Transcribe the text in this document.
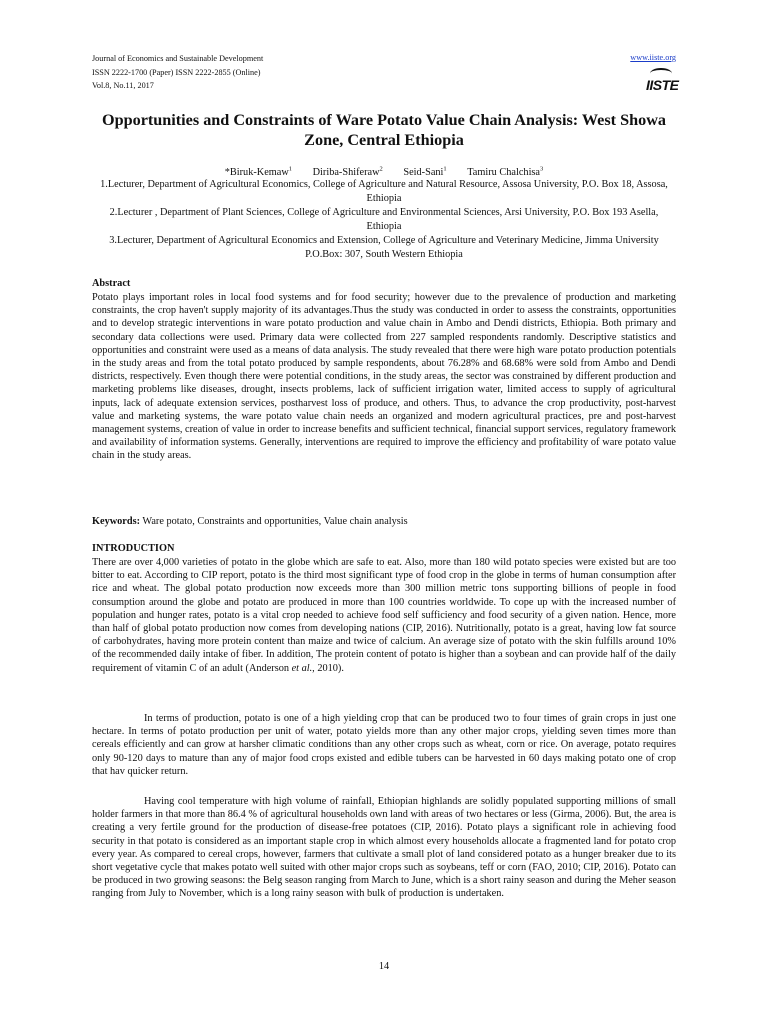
Journal of Economics and Sustainable Development
ISSN 2222-1700 (Paper) ISSN 2222-2855 (Online)
Vol.8, No.11, 2017
www.iiste.org
IISTE
Opportunities and Constraints of Ware Potato Value Chain Analysis: West Showa Zone, Central Ethiopia
*Biruk-Kemaw$^1$ Diriba-Shiferaw$^2$ Seid-Sani$^1$ Tamiru Chalchisa$^3$
1.Lecturer, Department of Agricultural Economics, College of Agriculture and Natural Resource, Assosa University, P.O. Box 18, Assosa, Ethiopia
2.Lecturer , Department of Plant Sciences, College of Agriculture and Environmental Sciences, Arsi University, P.O. Box 193 Asella, Ethiopia
3.Lecturer, Department of Agricultural Economics and Extension, College of Agriculture and Veterinary Medicine, Jimma University P.O.Box: 307, South Western Ethiopia
Abstract
Potato plays important roles in local food systems and for food security; however due to the prevalence of production and marketing constraints, the crop haven't supply majority of its advantages.Thus the study was conducted in order to assess the constraints, opportunities and to develop strategic interventions in ware potato production and value chain in Ambo and Dendi districts, Ethiopia. Both primary and secondary data collections were used. Primary data were collected from 227 sampled respondents randomly. Descriptive statistics and opportunities and constraint were used as a means of data analysis. The study revealed that there were high ware potato production potentials in the study areas and from the total potato produced by sample respondents, about 76.28% and 68.68% were sold from Ambo and Dendi districts, respectively. Even though there were potential conditions, in the study areas, the sector was constrained by different production and marketing problems like diseases, drought, insects problems, lack of sufficient irrigation water, limited access to supply of agricultural inputs, lack of adequate extension services, postharvest loss of produce, and others. Thus, to advance the crop productivity, post-harvest value and marketing systems, the ware potato value chain needs an organized and modern agricultural practices, pre and post-harvest management systems, creation of value in order to increase benefits and sufficient technical, financial support services, regulatory framework and availability of information systems. Generally, interventions are required to improve the efficiency and profitability of ware potato value chain in the study areas.
Keywords: Ware potato, Constraints and opportunities, Value chain analysis
INTRODUCTION
There are over 4,000 varieties of potato in the globe which are safe to eat. Also, more than 180 wild potato species were existed but are too bitter to eat. According to CIP report, potato is the third most significant type of food crop in the globe in terms of human consumption after rice and wheat. The global potato production now exceeds more than 300 million metric tons supporting billions of people in food consumption around the globe and potato are produced in more than 100 countries worldwide. To cope up with the increased number of population and hunger rates, potato is a vital crop needed to achieve food self sufficiency and food security of a given nation. Hence, more than half of global potato production now comes from developing nations (CIP, 2016). Nutritionally, potato is a great, having low fat source of carbohydrates, having more protein content than maize and twice of calcium. An average size of potato with the skin fulfills around 10% of the recommended daily intake of fiber. In addition, The protein content of potato is higher than a soybean and can provide half of the daily requirement of vitamin C of an adult (Anderson et al., 2010).
In terms of production, potato is one of a high yielding crop that can be produced two to four times of grain crops in just one hectare. In terms of potato production per unit of water, potato yields more than any other major crops, yielding seven times more than cereals efficiently and can grow at harsher climatic conditions than any other crops such as wheat, corn or rice. On average, potato requires only 90-120 days to mature than any of major food crops existed and edible tubers can be harvested in 60 days making potato one of crop that hav quicker return.
Having cool temperature with high volume of rainfall, Ethiopian highlands are solidly populated supporting millions of small holder farmers in that more than 86.4 % of agricultural households own land with areas of two hectares or less (Girma, 2006). But, the area is creating a very fertile ground for the production of disease-free potatoes (CIP, 2016). Potato plays a significant role in achieving food security in that potato is considered as an important staple crop in which almost every households allocate a fragmented land for potato crop every year. As compared to cereal crops, however, farmers that cultivate a small plot of land considered potato as a hunger breaker due to its short vegetative cycle that makes potato well suited with other major crops such as soybeans, teff or corn (FAO, 2010; CIP, 2016). Potato can be produced in two growing seasons: the Belg season ranging from March to June, which is a short rainy season and during the Meher season ranging from July to November, which is a long rainy season with bulk of production is undertaken.
14
